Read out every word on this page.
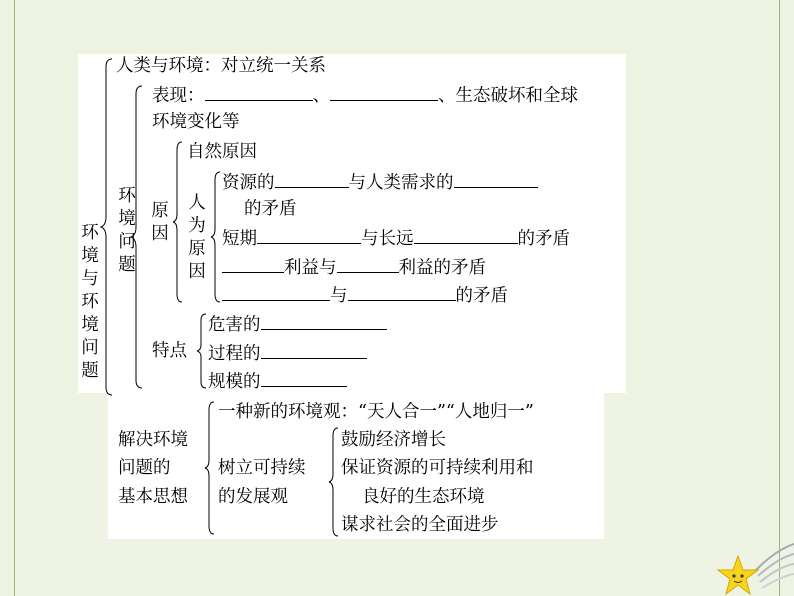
环境与环境问题
人类与环境：对立统一关系
环境问题
表现：	、	、生态破坏和全球
环境变化等
原因
自然原因
人为原因
资源的	与人类需求的
的矛盾
短期	与长远	的矛盾
利益与	利益的矛盾
与	的矛盾
特点
危害的
过程的
规模的
解决环境
问题的
基本思想
一种新的环境观：“天人合一”“人地归一”
树立可持续
的发展观
鼓励经济增长
保证资源的可持续利用和
良好的生态环境
谋求社会的全面进步
